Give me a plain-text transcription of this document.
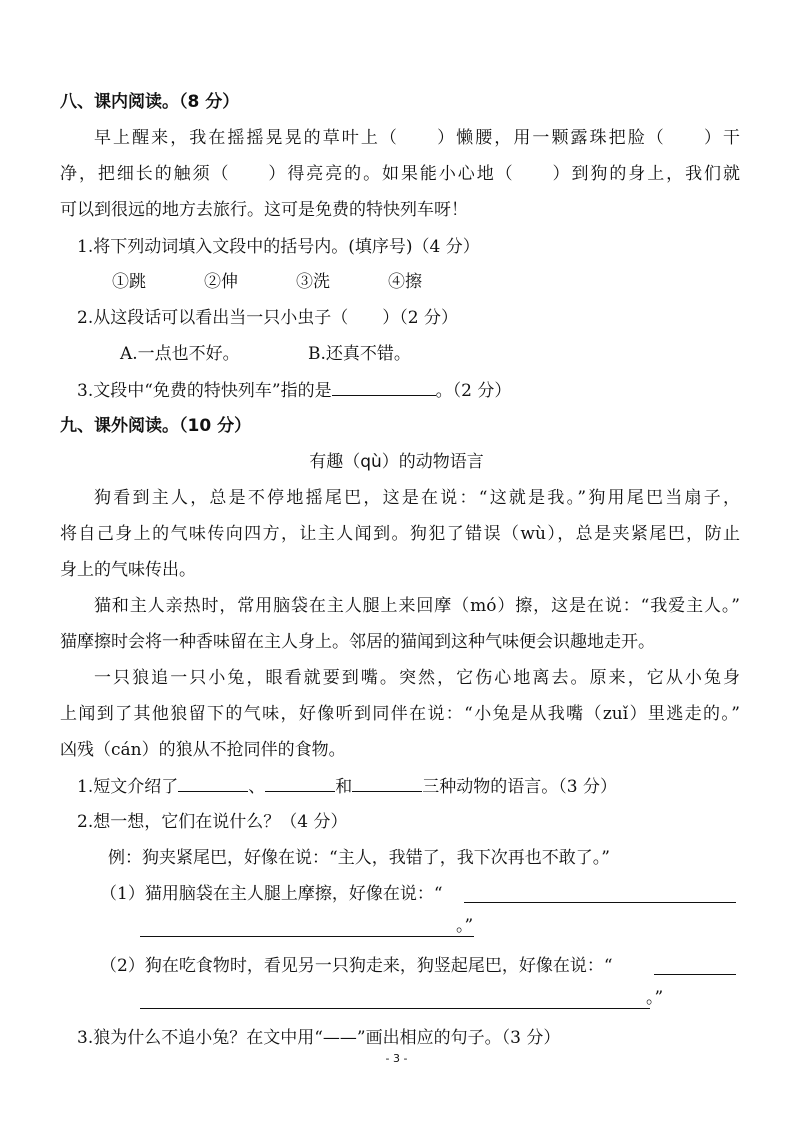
八、课内阅读。（8 分）
早上醒来，我在摇摇晃晃的草叶上（　　）懒腰，用一颗露珠把脸（　　）干
净，把细长的触须（　　）得亮亮的。如果能小心地（　　）到狗的身上，我们就
可以到很远的地方去旅行。这可是免费的特快列车呀！
1.将下列动词填入文段中的括号内。(填序号)（4 分）
①跳	②伸	③洗	④擦
2.从这段话可以看出当一只小虫子（　　）（2 分）
A.一点也不好。	B.还真不错。
3.文段中“免费的特快列车”指的是	。（2 分）
九、课外阅读。（10 分）
有趣（qù）的动物语言
狗看到主人，总是不停地摇尾巴，这是在说：“这就是我。”狗用尾巴当扇子，
将自己身上的气味传向四方，让主人闻到。狗犯了错误（wù），总是夹紧尾巴，防止
身上的气味传出。
猫和主人亲热时，常用脑袋在主人腿上来回摩（mó）擦，这是在说：“我爱主人。”
猫摩擦时会将一种香味留在主人身上。邻居的猫闻到这种气味便会识趣地走开。
一只狼追一只小兔，眼看就要到嘴。突然，它伤心地离去。原来，它从小兔身
上闻到了其他狼留下的气味，好像听到同伴在说：“小兔是从我嘴（zuǐ）里逃走的。”
凶残（cán）的狼从不抢同伴的食物。
1.短文介绍了	、	和	三种动物的语言。（3 分）
2.想一想，它们在说什么？（4 分）
例：狗夹紧尾巴，好像在说：“主人，我错了，我下次再也不敢了。”
（1）猫用脑袋在主人腿上摩擦，好像在说：“
。”
（2）狗在吃食物时，看见另一只狗走来，狗竖起尾巴，好像在说：“
。”
3.狼为什么不追小兔？在文中用“——”画出相应的句子。（3 分）
- 3 -
